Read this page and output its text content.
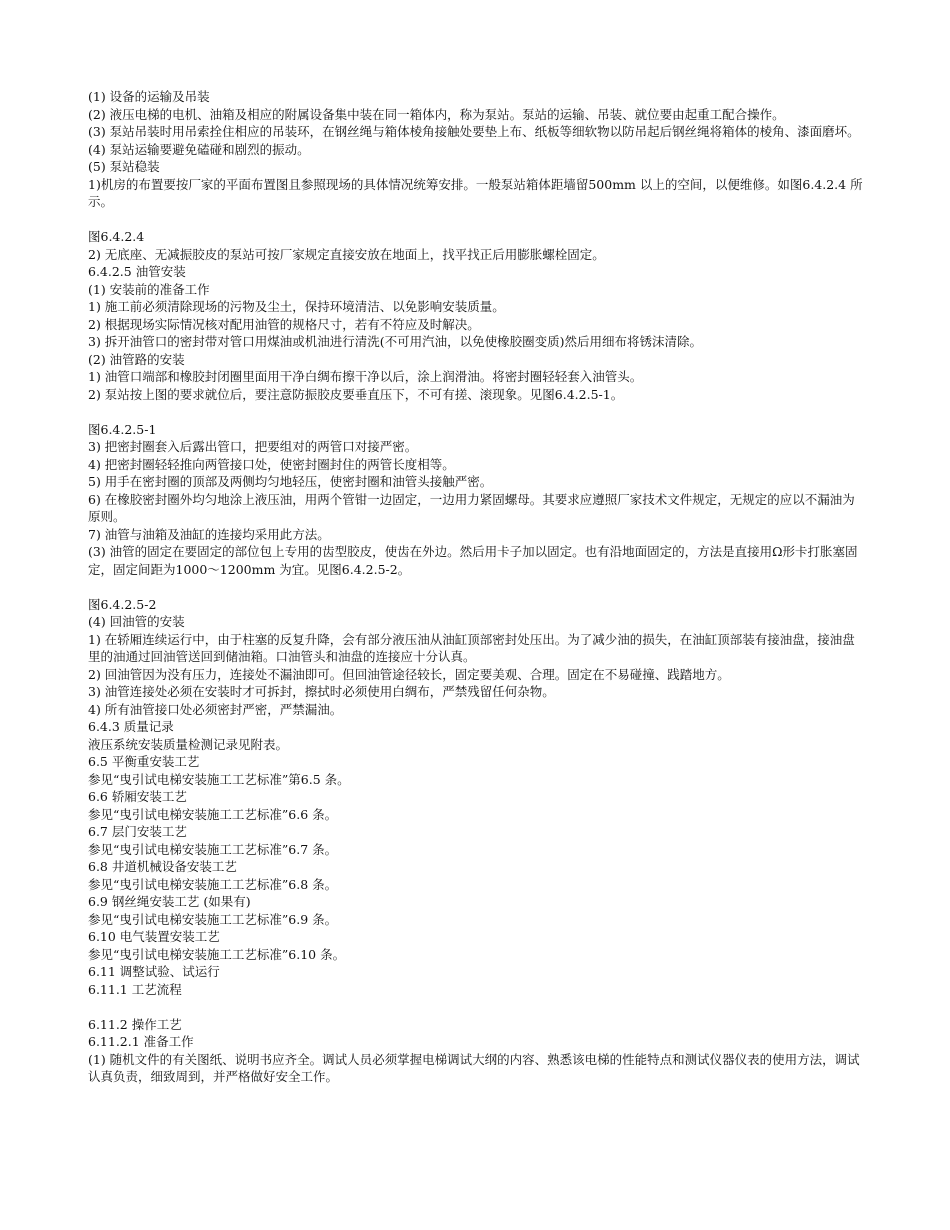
(1) 设备的运输及吊装

(2) 液压电梯的电机、油箱及相应的附属设备集中装在同一箱体内，称为泵站。泵站的运输、吊装、就位要由起重工配合操作。

(3) 泵站吊装时用吊索拴住相应的吊装环，在钢丝绳与箱体棱角接触处要垫上布、纸板等细软物以防吊起后钢丝绳将箱体的棱角、漆面磨坏。

(4) 泵站运输要避免磕碰和剧烈的振动。

(5) 泵站稳装

1)机房的布置要按厂家的平面布置图且参照现场的具体情况统筹安排。一般泵站箱体距墙留500mm 以上的空间，以便维修。如图6.4.2.4 所示。

图6.4.2.4

2) 无底座、无减振胶皮的泵站可按厂家规定直接安放在地面上，找平找正后用膨胀螺栓固定。

6.4.2.5 油管安装

(1) 安装前的准备工作

1) 施工前必须清除现场的污物及尘土，保持环境清洁、以免影响安装质量。

2) 根据现场实际情况核对配用油管的规格尺寸，若有不符应及时解决。

3) 拆开油管口的密封带对管口用煤油或机油进行清洗(不可用汽油，以免使橡胶圈变质)然后用细布将锈沫清除。

(2) 油管路的安装

1) 油管口端部和橡胶封闭圈里面用干净白绸布擦干净以后，涂上润滑油。将密封圈轻轻套入油管头。

2) 泵站按上图的要求就位后，要注意防振胶皮要垂直压下，不可有搓、滚现象。见图6.4.2.5-1。

图6.4.2.5-1

3) 把密封圈套入后露出管口，把要组对的两管口对接严密。

4) 把密封圈轻轻推向两管接口处，使密封圈封住的两管长度相等。

5) 用手在密封圈的顶部及两侧均匀地轻压，使密封圈和油管头接触严密。

6) 在橡胶密封圈外均匀地涂上液压油，用两个管钳一边固定，一边用力紧固螺母。其要求应遵照厂家技术文件规定，无规定的应以不漏油为原则。

7) 油管与油箱及油缸的连接均采用此方法。

(3) 油管的固定在要固定的部位包上专用的齿型胶皮，使齿在外边。然后用卡子加以固定。也有沿地面固定的，方法是直接用Ω形卡打胀塞固定，固定间距为1000～1200mm 为宜。见图6.4.2.5-2。

图6.4.2.5-2

(4) 回油管的安装

1) 在轿厢连续运行中，由于柱塞的反复升降，会有部分液压油从油缸顶部密封处压出。为了减少油的损失，在油缸顶部装有接油盘，接油盘里的油通过回油管送回到储油箱。口油管头和油盘的连接应十分认真。

2) 回油管因为没有压力，连接处不漏油即可。但回油管途径较长，固定要美观、合理。固定在不易碰撞、践踏地方。

3) 油管连接处必须在安装时才可拆封，擦拭时必须使用白绸布，严禁残留任何杂物。

4) 所有油管接口处必须密封严密，严禁漏油。

6.4.3 质量记录

液压系统安装质量检测记录见附表。

6.5 平衡重安装工艺

参见“曳引试电梯安装施工工艺标准”第6.5 条。

6.6 轿厢安装工艺

参见“曳引试电梯安装施工工艺标准”6.6 条。

6.7 层门安装工艺

参见“曳引试电梯安装施工工艺标准”6.7 条。

6.8 井道机械设备安装工艺

参见“曳引试电梯安装施工工艺标准”6.8 条。

6.9 钢丝绳安装工艺 (如果有)

参见“曳引试电梯安装施工工艺标准”6.9 条。

6.10 电气装置安装工艺

参见“曳引试电梯安装施工工艺标准”6.10 条。

6.11 调整试验、试运行

6.11.1 工艺流程

6.11.2 操作工艺

6.11.2.1 准备工作

(1) 随机文件的有关图纸、说明书应齐全。调试人员必须掌握电梯调试大纲的内容、熟悉该电梯的性能特点和测试仪器仪表的使用方法，调试认真负责，细致周到，并严格做好安全工作。
